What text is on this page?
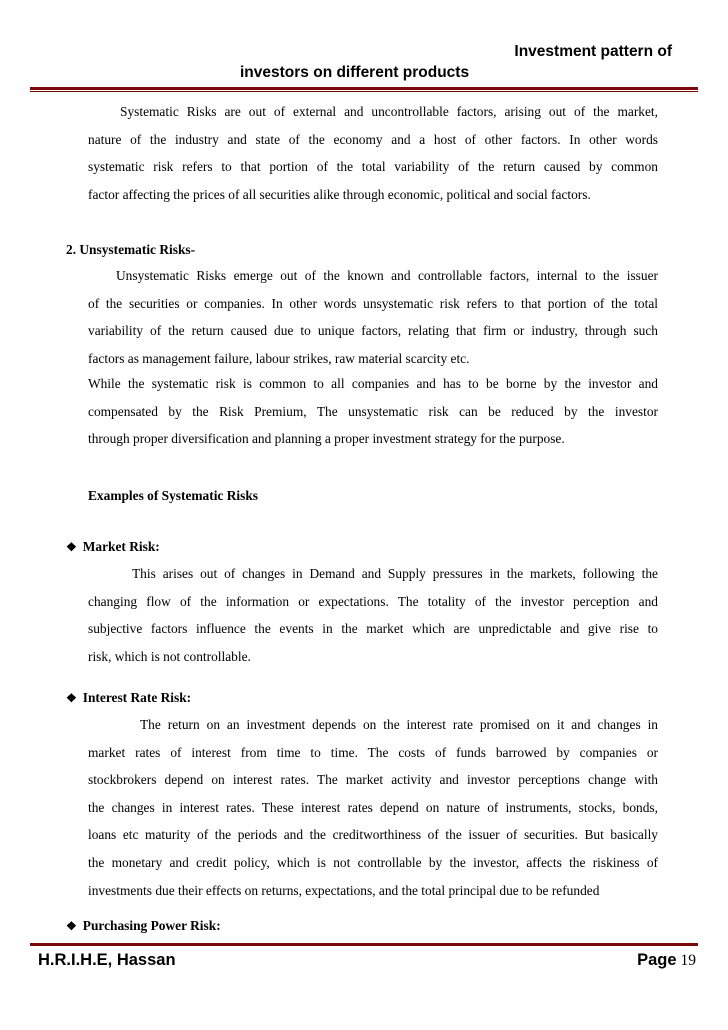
Investment pattern of
investors on different products
Systematic Risks are out of external and uncontrollable factors, arising out of the market,
nature of the industry and state of the economy and a host of other factors. In other words
systematic risk refers to that portion of the total variability of the return caused by common
factor affecting the prices of all securities alike through economic, political and social factors.
2. Unsystematic Risks-
Unsystematic Risks emerge out of the known and controllable factors, internal to the issuer
of the securities or companies. In other words unsystematic risk refers to that portion of the total
variability of the return caused due to unique factors, relating that firm or industry, through such
factors as management failure, labour strikes, raw material scarcity etc.
While the systematic risk is common to all companies and has to be borne by the investor and
compensated by the Risk Premium, The unsystematic risk can be reduced by the investor
through proper diversification and planning a proper investment strategy for the purpose.
Examples of Systematic Risks
❖ Market Risk:
This arises out of changes in Demand and Supply pressures in the markets, following the
changing flow of the information or expectations. The totality of the investor perception and
subjective factors influence the events in the market which are unpredictable and give rise to
risk, which is not controllable.
❖ Interest Rate Risk:
The return on an investment depends on the interest rate promised on it and changes in
market rates of interest from time to time. The costs of funds barrowed by companies or
stockbrokers depend on interest rates. The market activity and investor perceptions change with
the changes in interest rates. These interest rates depend on nature of instruments, stocks, bonds,
loans etc maturity of the periods and the creditworthiness of the issuer of securities. But basically
the monetary and credit policy, which is not controllable by the investor, affects the riskiness of
investments due their effects on returns, expectations, and the total principal due to be refunded
❖ Purchasing Power Risk:
H.R.I.H.E, Hassan	Page 19
